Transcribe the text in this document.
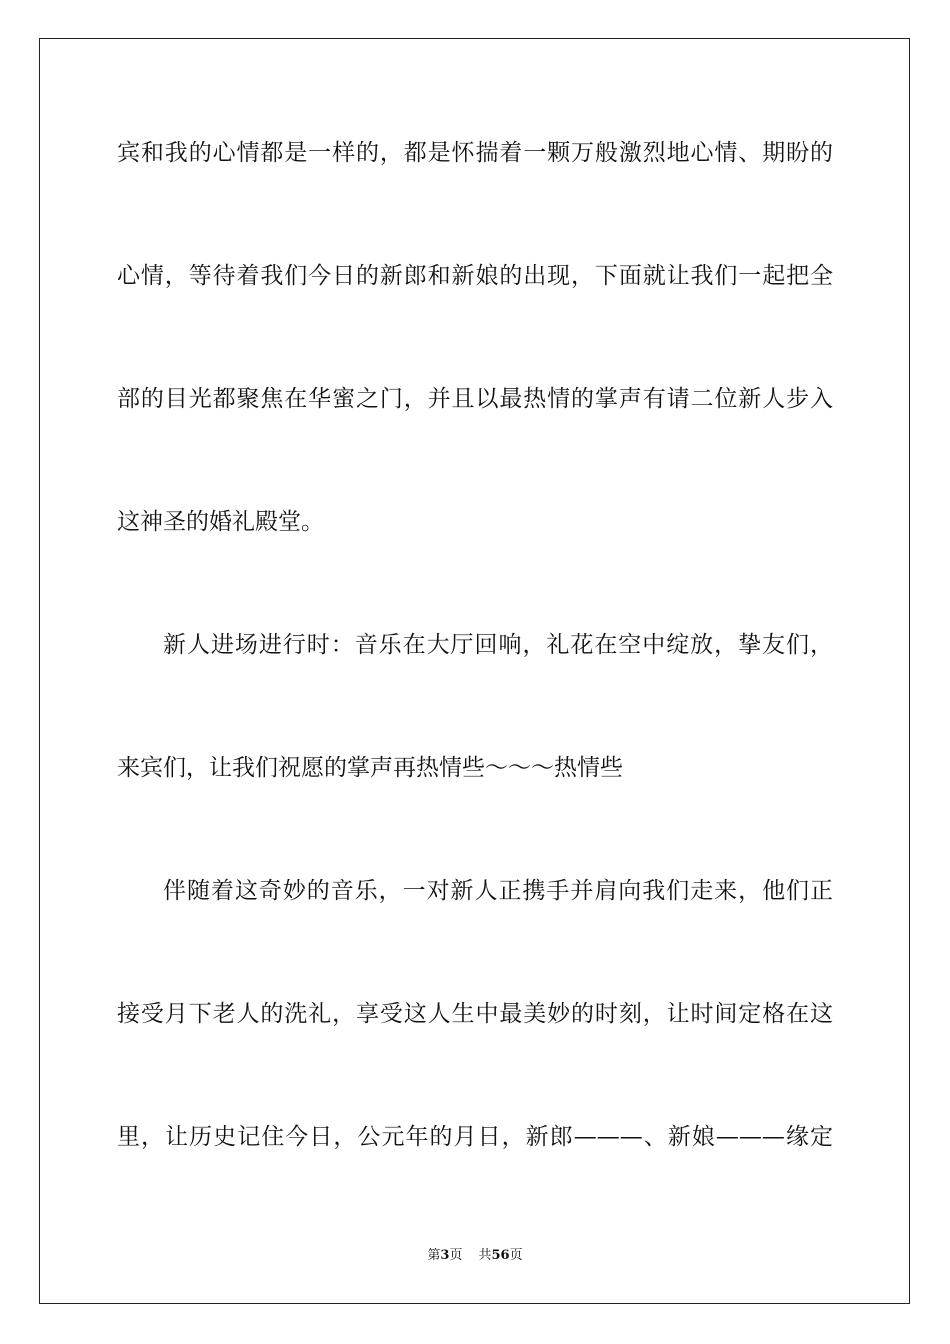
宾和我的心情都是一样的，都是怀揣着一颗万般激烈地心情、期盼的
心情，等待着我们今日的新郎和新娘的出现，下面就让我们一起把全
部的目光都聚焦在华蜜之门，并且以最热情的掌声有请二位新人步入
这神圣的婚礼殿堂。
新人进场进行时：音乐在大厅回响，礼花在空中绽放，挚友们，
来宾们，让我们祝愿的掌声再热情些～～～热情些
伴随着这奇妙的音乐，一对新人正携手并肩向我们走来，他们正
接受月下老人的洗礼，享受这人生中最美妙的时刻，让时间定格在这
里，让历史记住今日，公元年的月日，新郎———、新娘———缘定
第3页 共56页
